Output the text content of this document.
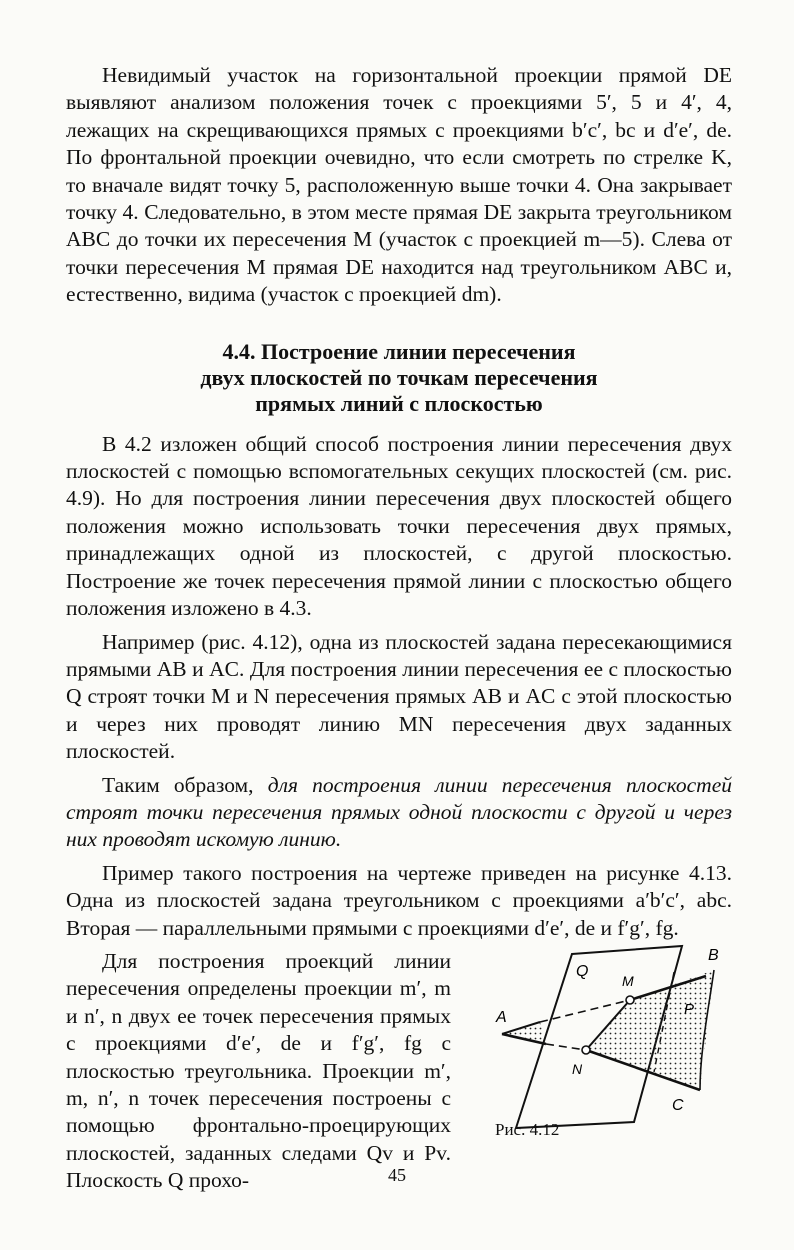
Невидимый участок на горизонтальной проекции прямой DE выявляют анализом положения точек с проекциями 5′, 5 и 4′, 4, лежащих на скрещивающихся прямых с проекциями b′c′, bc и d′e′, de. По фронтальной проекции очевидно, что если смотреть по стрелке K, то вначале видят точку 5, расположенную выше точки 4. Она закрывает точку 4. Следовательно, в этом месте прямая DE закрыта треугольником ABC до точки их пересечения M (участок с проекцией m—5). Слева от точки пересечения M прямая DE находится над треугольником ABC и, естественно, видима (участок с проекцией dm).

4.4. Построение линии пересечения
двух плоскостей по точкам пересечения
прямых линий с плоскостью

В 4.2 изложен общий способ построения линии пересечения двух плоскостей с помощью вспомогательных секущих плоскостей (см. рис. 4.9). Но для построения линии пересечения двух плоскостей общего положения можно использовать точки пересечения двух прямых, принадлежащих одной из плоскостей, с другой плоскостью. Построение же точек пересечения прямой линии с плоскостью общего положения изложено в 4.3.

Например (рис. 4.12), одна из плоскостей задана пересекающимися прямыми AB и AC. Для построения линии пересечения ее с плоскостью Q строят точки M и N пересечения прямых AB и AC с этой плоскостью и через них проводят линию MN пересечения двух заданных плоскостей.

Таким образом, для построения линии пересечения плоскостей строят точки пересечения прямых одной плоскости с другой и через них проводят искомую линию.

Пример такого построения на чертеже приведен на рисунке 4.13. Одна из плоскостей задана треугольником с проекциями a′b′c′, abc. Вторая — параллельными прямыми с проекциями d′e′, de и f′g′, fg.

Для построения проекций линии пересечения определены проекции m′, m и n′, n двух ее точек пересечения прямых с проекциями d′e′, de и f′g′, fg с плоскостью треугольника. Проекции m′, m, n′, n точек пересечения построены с помощью фронтально-проецирующих плоскостей, заданных следами Qv и Pv. Плоскость Q прохо-

Q
M
B
A	P
N
C
Рис. 4.12
45
